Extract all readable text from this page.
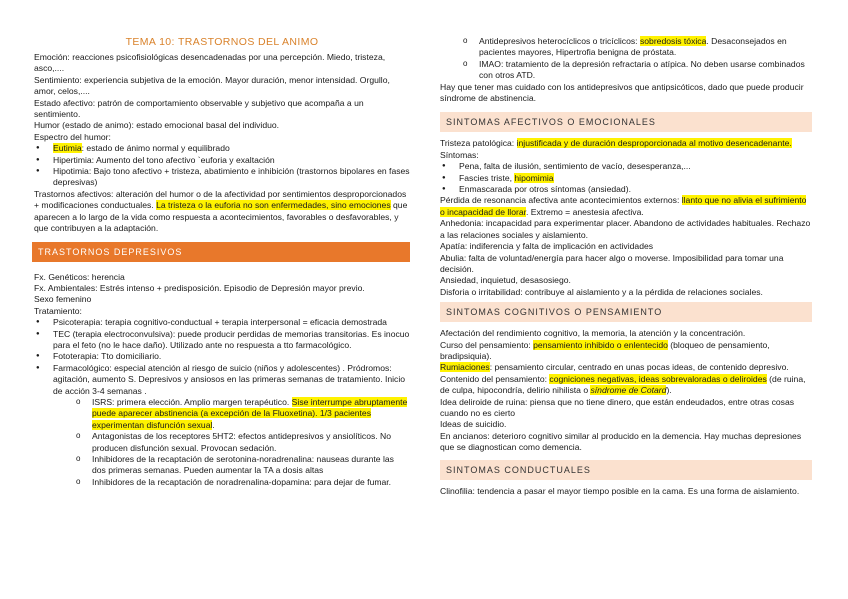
TEMA 10: TRASTORNOS DEL ANIMO

Emoción: reacciones psicofisiológicas desencadenadas por una percepción. Miedo, tristeza, asco,....

Sentimiento: experiencia subjetiva de la emoción. Mayor duración, menor intensidad. Orgullo, amor, celos,....

Estado afectivo: patrón de comportamiento observable y subjetivo que acompaña a un sentimiento.

Humor (estado de animo): estado emocional basal del individuo.

Espectro del humor:

● Eutimia: estado de ánimo normal y equilibrado
● Hipertimia: Aumento del tono afectivo `euforia y exaltación
● Hipotimia: Bajo tono afectivo + tristeza, abatimiento e inhibición (trastornos bipolares en fases depresivas)

Trastornos afectivos: alteración del humor o de la afectividad por sentimientos desproporcionados + modificaciones conductuales. La tristeza o la euforia no son enfermedades, sino emociones que aparecen a lo largo de la vida como respuesta a acontecimientos, favorables o desfavorables, y que contribuyen a la adaptación.

TRASTORNOS DEPRESIVOS

Fx. Genéticos: herencia

Fx. Ambientales: Estrés intenso + predisposición. Episodio de Depresión mayor previo.

Sexo femenino

Tratamiento:

● Psicoterapia: terapia cognitivo-conductual + terapia interpersonal = eficacia demostrada
● TEC (terapia electroconvulsiva): puede producir perdidas de memorias transitorias. Es inocuo para el feto (no le hace daño). Utilizado ante no respuesta a tto farmacológico.
● Fototerapia: Tto domiciliario.
● Farmacológico: especial atención al riesgo de suicio (niños y adolescentes) . Pródromos: agitación, aumento S. Depresivos y ansiosos en las primeras semanas de tratamiento. Inicio de acción 3-4 semanas .
o ISRS: primera elección. Amplio margen terapéutico. Sise interrumpe abruptamente puede aparecer abstinencia (a excepción de la Fluoxetina). 1/3 pacientes experimentan disfunción sexual.
o Antagonistas de los receptores 5HT2: efectos antidepresivos y ansiolíticos. No producen disfunción sexual. Provocan sedación.
o Inhibidores de la recaptación de serotonina-noradrenalina: nauseas durante las dos primeras semanas. Pueden aumentar la TA a dosis altas
o Inhibidores de la recaptación de noradrenalina-dopamina: para dejar de fumar.
o Antidepresivos heterocíclicos o tricíclicos: sobredosis tóxica. Desaconsejados en pacientes mayores, Hipertrofia benigna de próstata.
o IMAO: tratamiento de la depresión refractaria o atípica. No deben usarse combinados con otros ATD.

Hay que tener mas cuidado con los antidepresivos que antipsicóticos, dado que puede producir síndrome de abstinencia.

SINTOMAS AFECTIVOS O EMOCIONALES

Tristeza patológica: injustificada y de duración desproporcionada al motivo desencadenante. Síntomas:

● Pena, falta de ilusión, sentimiento de vacío, desesperanza,...
● Fascies triste, hipomimia
● Enmascarada por otros síntomas (ansiedad).

Pérdida de resonancia afectiva ante acontecimientos externos: llanto que no alivia el sufrimiento o incapacidad de llorar. Extremo = anestesia afectiva.

Anhedonia: incapacidad para experimentar placer. Abandono de actividades habituales. Rechazo a las relaciones sociales y aislamiento.

Apatía: indiferencia y falta de implicación en actividades

Abulia: falta de voluntad/energía para hacer algo o moverse. Imposibilidad para tomar una decisión.

Ansiedad, inquietud, desasosiego.

Disforia o irritabilidad: contribuye al aislamiento y a la pérdida de relaciones sociales.

SINTOMAS COGNITIVOS O PENSAMIENTO

Afectación del rendimiento cognitivo, la memoria, la atención y la concentración.

Curso del pensamiento: pensamiento inhibido o enlentecido (bloqueo de pensamiento, bradipsiquia).

Rumiaciones: pensamiento circular, centrado en unas pocas ideas, de contenido depresivo.

Contenido del pensamiento: cogniciones negativas, ideas sobrevaloradas o deliroides (de ruina, de culpa, hipocondría, delirio nihilista o síndrome de Cotard).

Idea deliroide de ruina: piensa que no tiene dinero, que están endeudados, entre otras cosas cuando no es cierto

Ideas de suicidio.

En ancianos: deterioro cognitivo similar al producido en la demencia. Hay muchas depresiones que se diagnostican como demencia.

SINTOMAS CONDUCTUALES

Clinofilia: tendencia a pasar el mayor tiempo posible en la cama. Es una forma de aislamiento.
